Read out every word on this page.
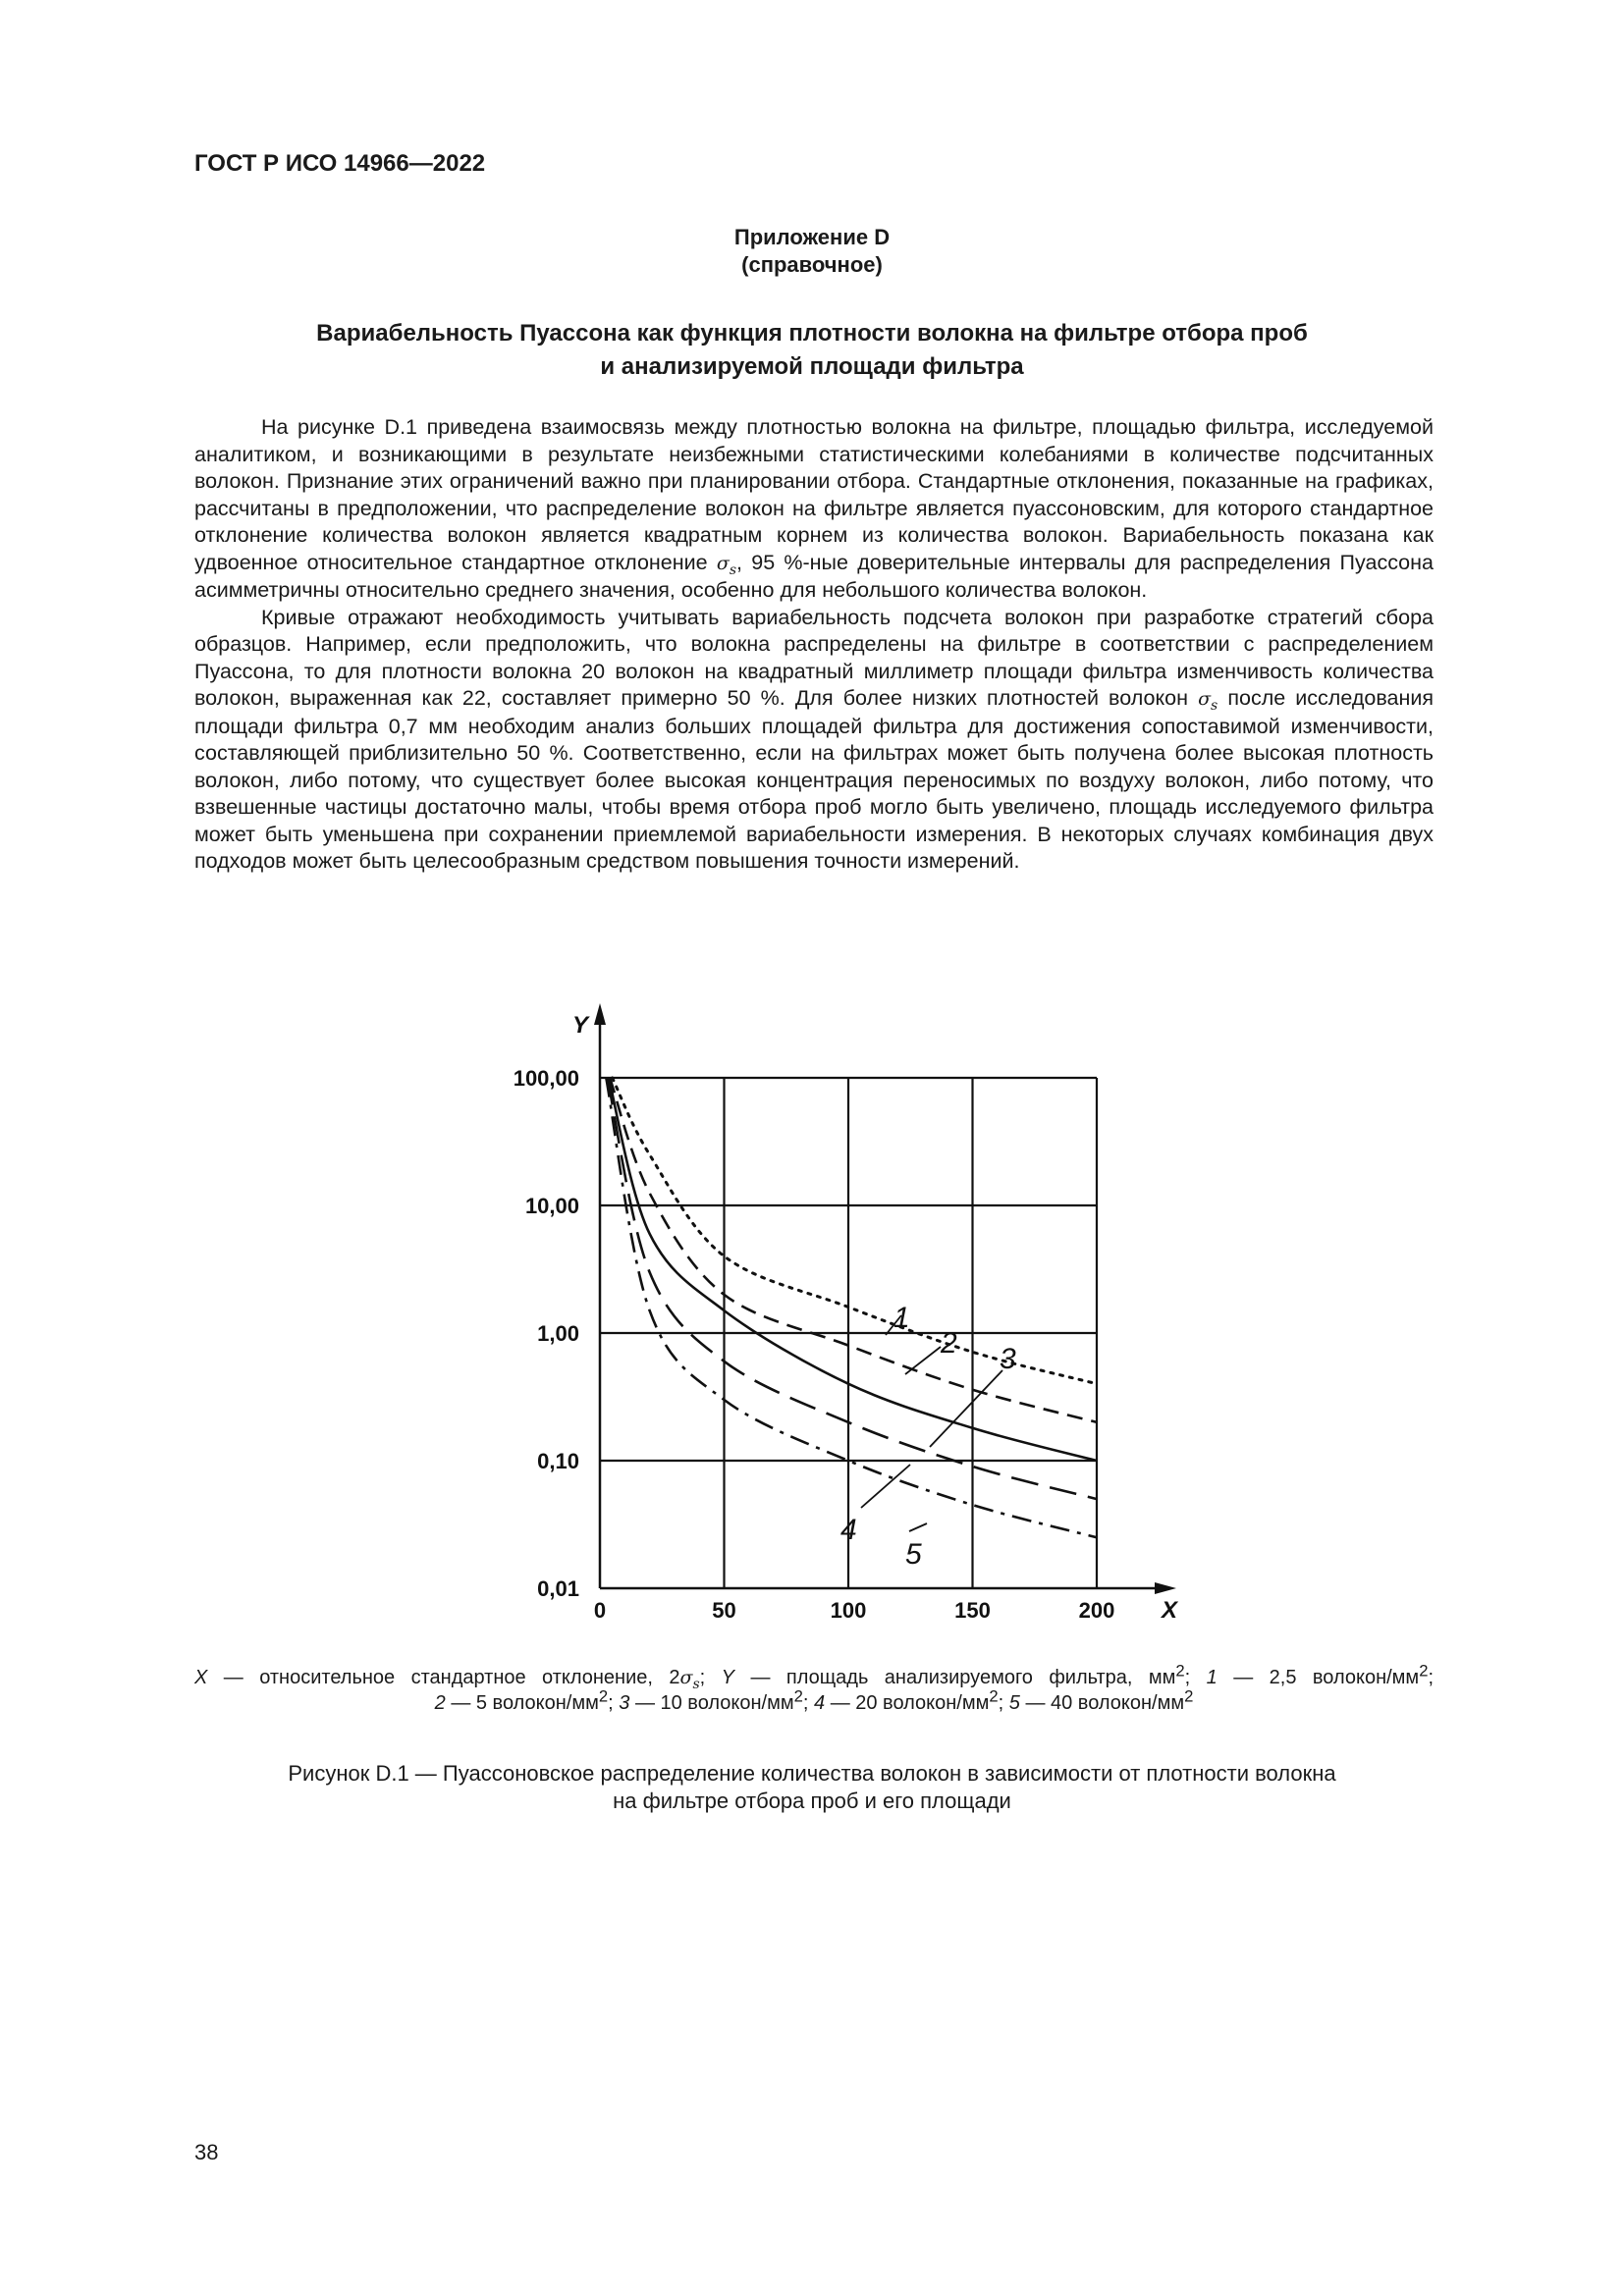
ГОСТ Р ИСО 14966—2022
Приложение D
(справочное)
Вариабельность Пуассона как функция плотности волокна на фильтре отбора проб
и анализируемой площади фильтра

На рисунке D.1 приведена взаимосвязь между плотностью волокна на фильтре, площадью фильтра, исследуемой аналитиком, и возникающими в результате неизбежными статистическими колебаниями в количестве подсчитанных волокон. Признание этих ограничений важно при планировании отбора. Стандартные отклонения, показанные на графиках, рассчитаны в предположении, что распределение волокон на фильтре является пуассоновским, для которого стандартное отклонение количества волокон является квадратным корнем из количества волокон. Вариабельность показана как удвоенное относительное стандартное отклонение $\sigma_s$, 95 %-ные доверительные интервалы для распределения Пуассона асимметричны относительно среднего значения, особенно для небольшого количества волокон.

Кривые отражают необходимость учитывать вариабельность подсчета волокон при разработке стратегий сбора образцов. Например, если предположить, что волокна распределены на фильтре в соответствии с распределением Пуассона, то для плотности волокна 20 волокон на квадратный миллиметр площади фильтра изменчивость количества волокон, выраженная как 22, составляет примерно 50 %. Для более низких плотностей волокон $\sigma_s$ после исследования площади фильтра 0,7 мм необходим анализ больших площадей фильтра для достижения сопоставимой изменчивости, составляющей приблизительно 50 %. Соответственно, если на фильтрах может быть получена более высокая плотность волокон, либо потому, что существует более высокая концентрация переносимых по воздуху волокон, либо потому, что взвешенные частицы достаточно малы, чтобы время отбора проб могло быть увеличено, площадь исследуемого фильтра может быть уменьшена при сохранении приемлемой вариабельности измерения. В некоторых случаях комбинация двух подходов может быть целесообразным средством повышения точности измерений.

Y
X
0	50	100	150	200
0,01
0,10
1,00
10,00
100,00
1
2 3
4
5
X — относительное стандартное отклонение, $2\sigma_s$; Y — площадь анализируемого фильтра, $мм^2$; 1 — 2,5 волокон/$мм^2$;
2 — 5 волокон/$мм^2$; 3 — 10 волокон/$мм^2$; 4 — 20 волокон/$мм^2$; 5 — 40 волокон/$мм^2$
Рисунок D.1 — Пуассоновское распределение количества волокон в зависимости от плотности волокна
на фильтре отбора проб и его площади
38
